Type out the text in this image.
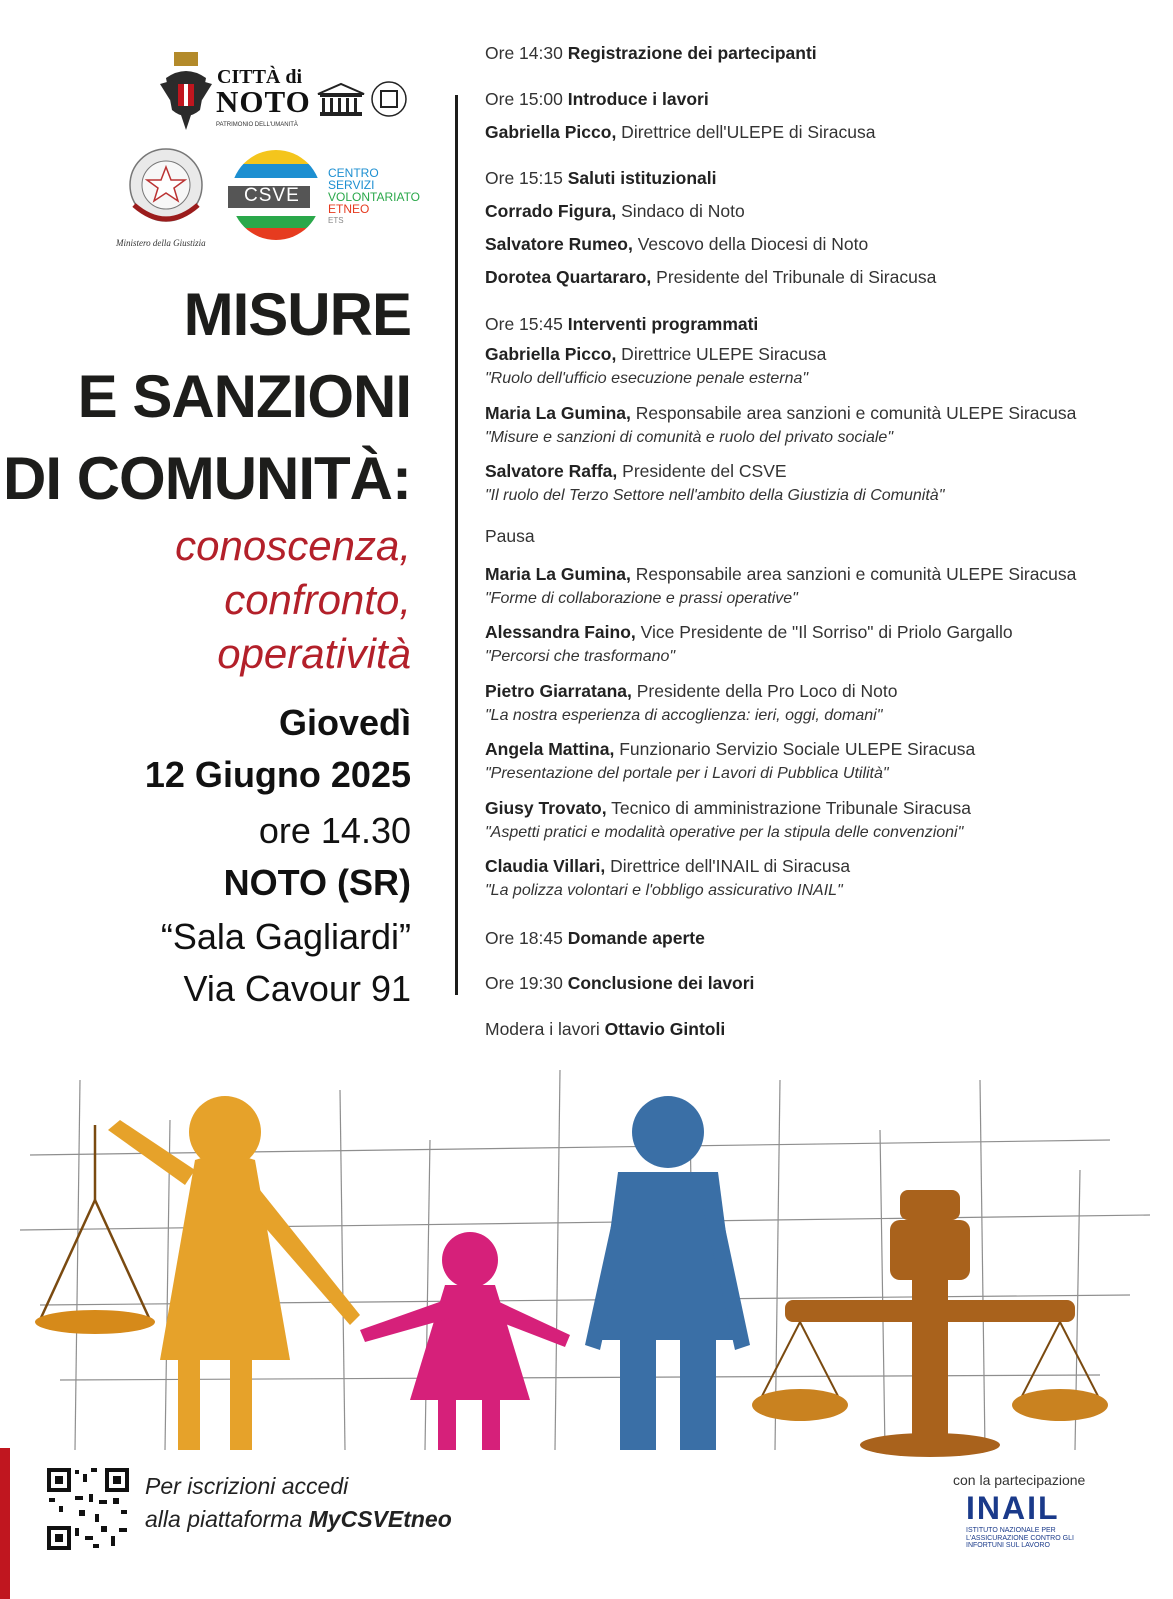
CITTÀ di
NOTO
PATRIMONIO DELL'UMANITÀ
Ministero della Giustizia
CSVE
CENTRO
SERVIZI
VOLONTARIATO
ETNEO
ETS
MISURE
E SANZIONI
DI COMUNITÀ:
conoscenza,
confronto,
operatività
Giovedì
12 Giugno 2025
ore 14.30
NOTO (SR)
“Sala Gagliardi”
Via Cavour 91
Ore 14:30 Registrazione dei partecipanti
Ore 15:00 Introduce i lavori
Gabriella Picco, Direttrice dell'ULEPE di Siracusa
Ore 15:15 Saluti istituzionali
Corrado Figura, Sindaco di Noto
Salvatore Rumeo, Vescovo della Diocesi di Noto
Dorotea Quartararo, Presidente del Tribunale di Siracusa
Ore 15:45 Interventi programmati
Gabriella Picco, Direttrice ULEPE Siracusa
"Ruolo dell'ufficio esecuzione penale esterna"
Maria La Gumina, Responsabile area sanzioni e comunità ULEPE Siracusa
"Misure e sanzioni di comunità e ruolo del privato sociale"
Salvatore Raffa, Presidente del CSVE
"Il ruolo del Terzo Settore nell'ambito della Giustizia di Comunità"
Pausa
Maria La Gumina, Responsabile area sanzioni e comunità ULEPE Siracusa
"Forme di collaborazione e prassi operative"
Alessandra Faino, Vice Presidente de "Il Sorriso" di Priolo Gargallo
"Percorsi che trasformano"
Pietro Giarratana, Presidente della Pro Loco di Noto
"La nostra esperienza di accoglienza: ieri, oggi, domani"
Angela Mattina, Funzionario Servizio Sociale ULEPE Siracusa
"Presentazione del portale per i Lavori di Pubblica Utilità"
Giusy Trovato, Tecnico di amministrazione Tribunale Siracusa
"Aspetti pratici e modalità operative per la stipula delle convenzioni"
Claudia Villari, Direttrice dell'INAIL di Siracusa
"La polizza volontari e l'obbligo assicurativo INAIL"
Ore 18:45 Domande aperte
Ore 19:30 Conclusione dei lavori
Modera i lavori Ottavio Gintoli
Per iscrizioni accedi
alla piattaforma MyCSVEtneo
con la partecipazione
INAIL
ISTITUTO NAZIONALE PER L'ASSICURAZIONE CONTRO GLI INFORTUNI SUL LAVORO
